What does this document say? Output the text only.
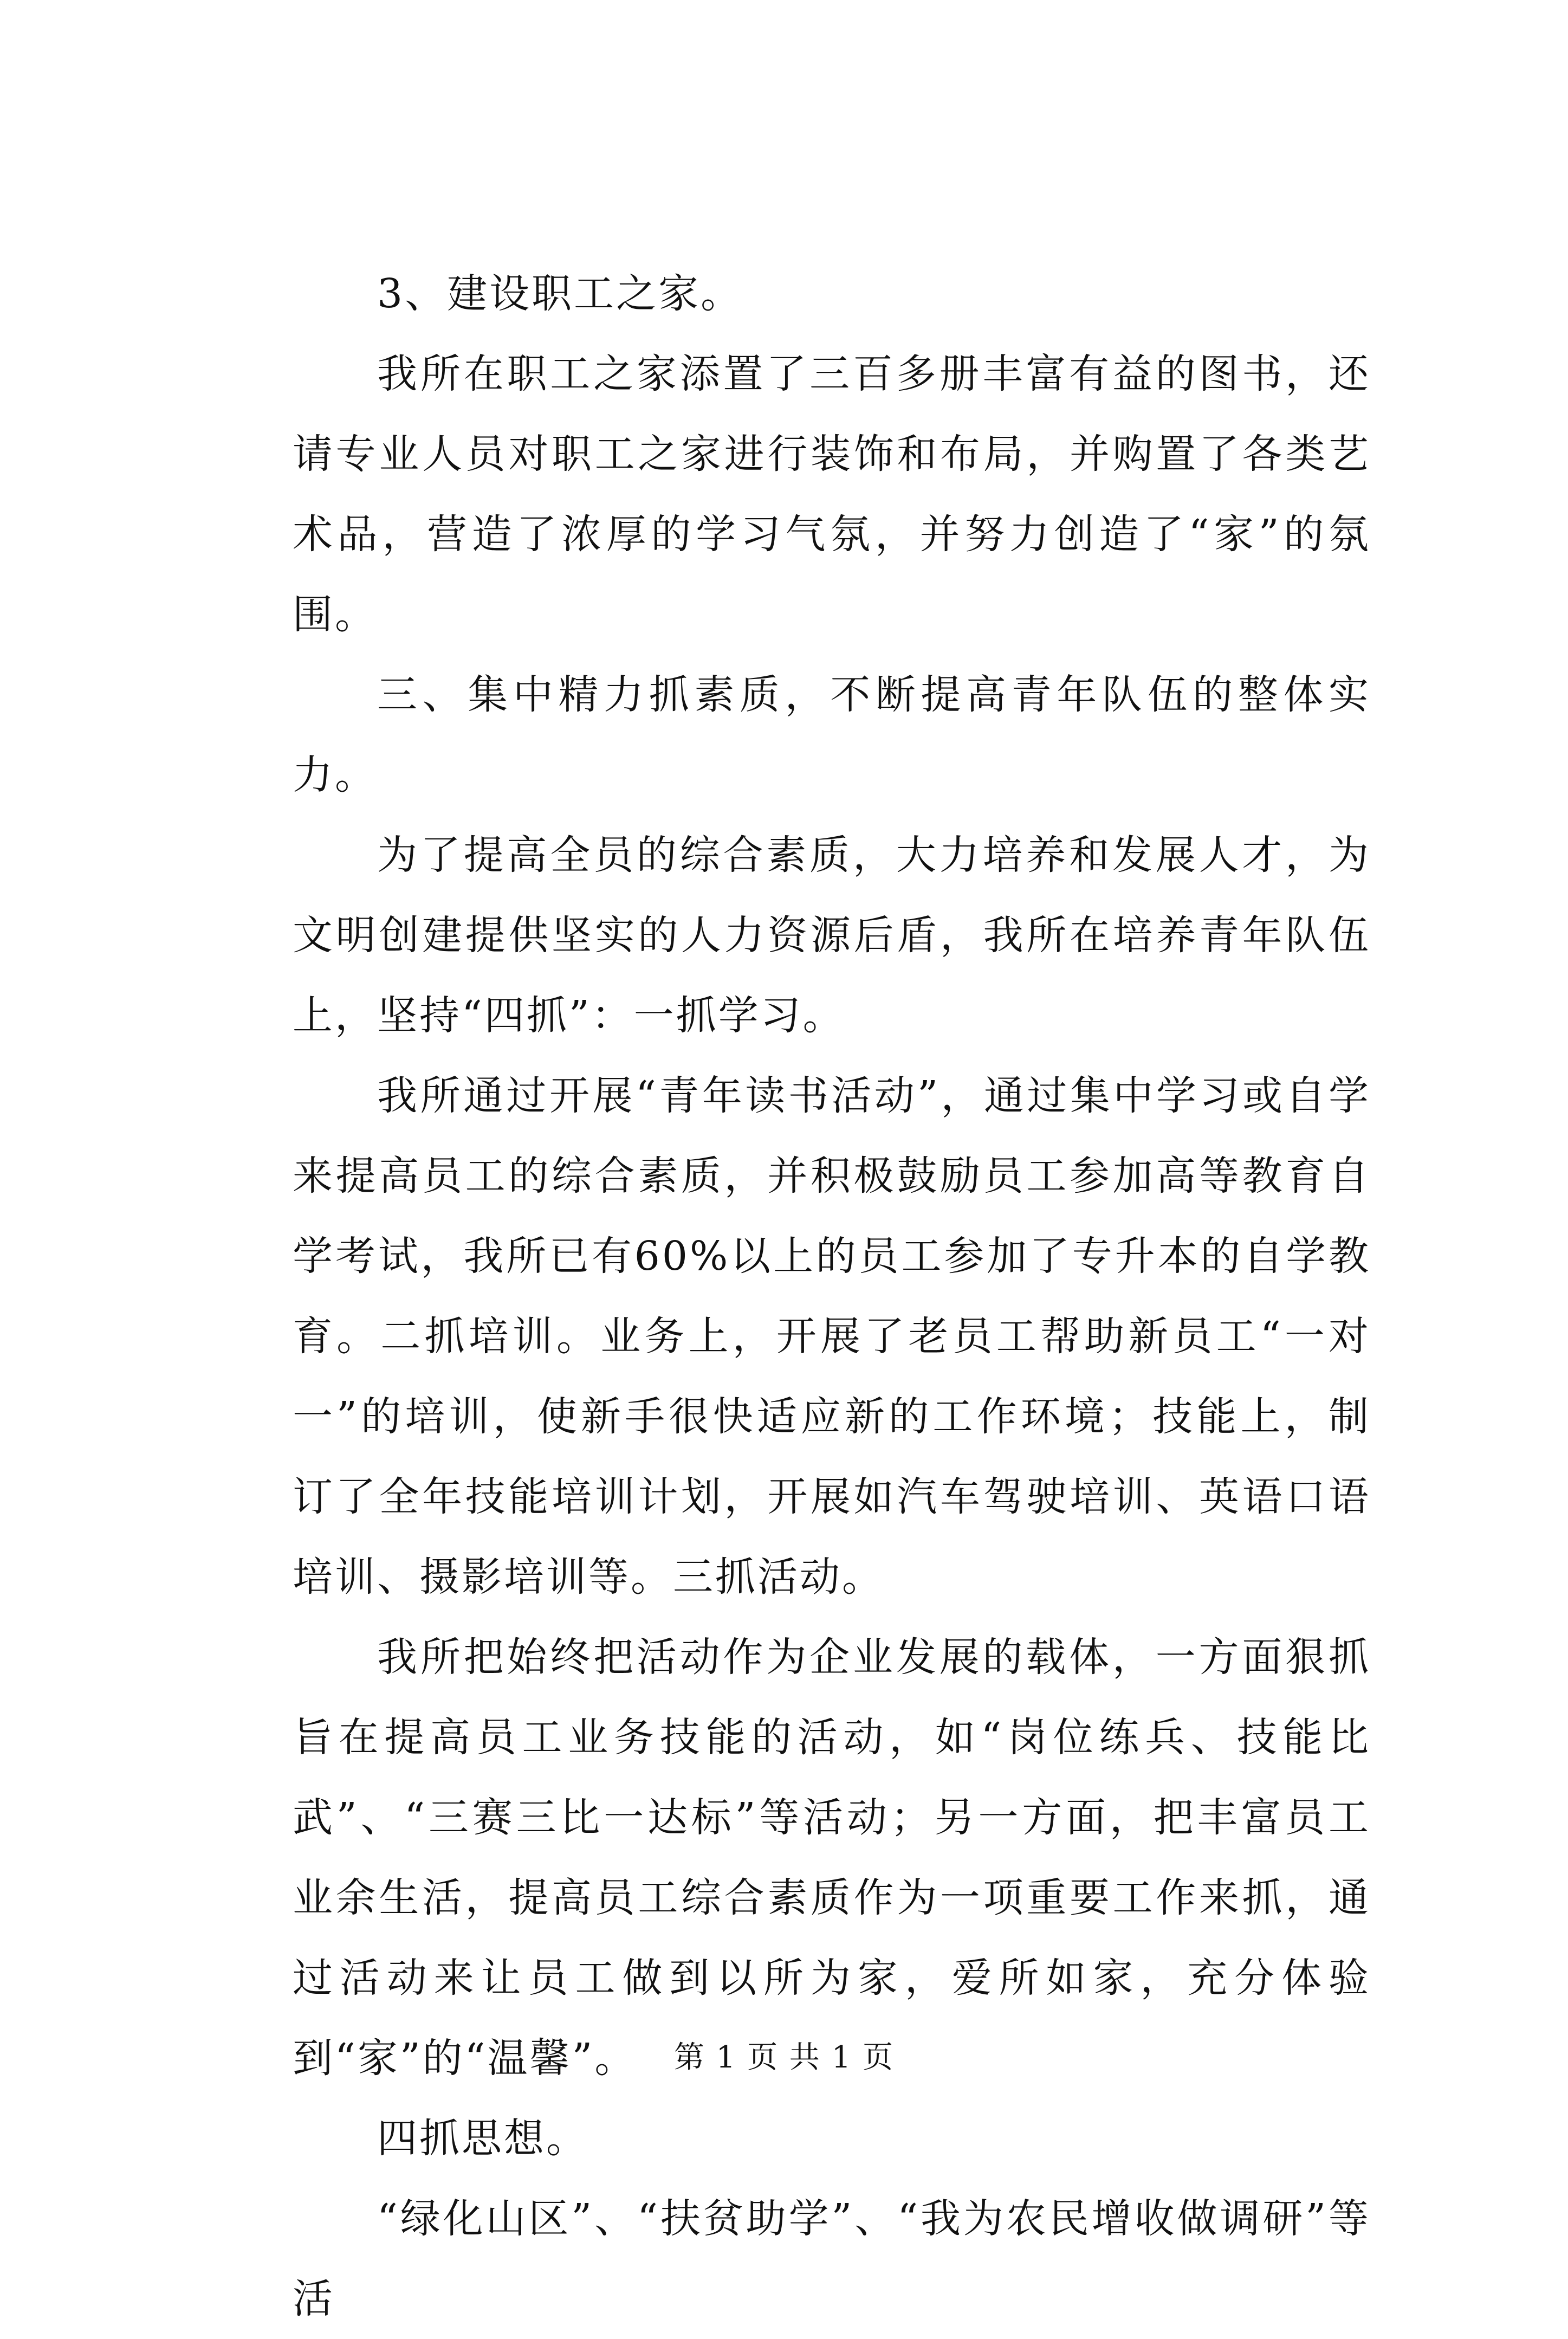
3、建设职工之家。

我所在职工之家添置了三百多册丰富有益的图书，还请专业人员对职工之家进行装饰和布局，并购置了各类艺术品，营造了浓厚的学习气氛，并努力创造了“家”的氛围。

三、集中精力抓素质，不断提高青年队伍的整体实力。

为了提高全员的综合素质，大力培养和发展人才，为文明创建提供坚实的人力资源后盾，我所在培养青年队伍上，坚持“四抓”：一抓学习。

我所通过开展“青年读书活动”，通过集中学习或自学来提高员工的综合素质，并积极鼓励员工参加高等教育自学考试，我所已有60%以上的员工参加了专升本的自学教育。二抓培训。业务上，开展了老员工帮助新员工“一对一”的培训，使新手很快适应新的工作环境；技能上，制订了全年技能培训计划，开展如汽车驾驶培训、英语口语培训、摄影培训等。三抓活动。

我所把始终把活动作为企业发展的载体，一方面狠抓旨在提高员工业务技能的活动，如“岗位练兵、技能比武”、“三赛三比一达标”等活动；另一方面，把丰富员工业余生活，提高员工综合素质作为一项重要工作来抓，通过活动来让员工做到以所为家，爱所如家，充分体验到“家”的“温馨”。

四抓思想。

“绿化山区”、“扶贫助学”、“我为农民增收做调研”等活

第 1 页 共 1 页
